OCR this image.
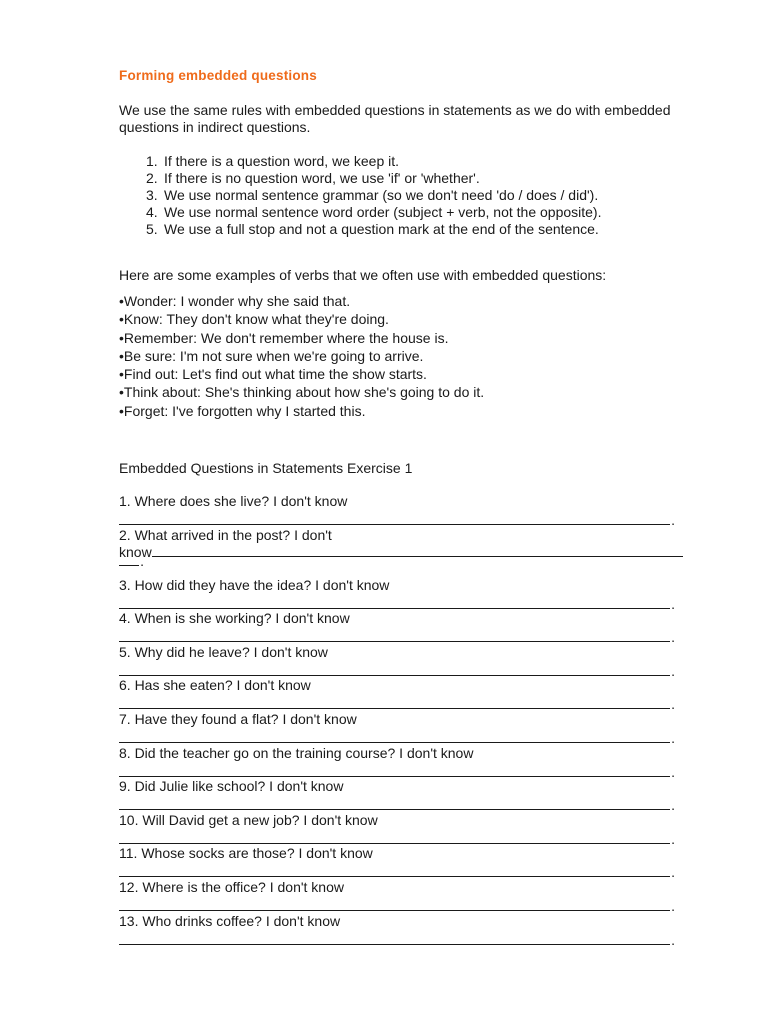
Forming embedded questions
We use the same rules with embedded questions in statements as we do with embedded questions in indirect questions.
1. If there is a question word, we keep it.
2. If there is no question word, we use 'if' or 'whether'.
3. We use normal sentence grammar (so we don't need 'do / does / did').
4. We use normal sentence word order (subject + verb, not the opposite).
5. We use a full stop and not a question mark at the end of the sentence.
Here are some examples of verbs that we often use with embedded questions:
•Wonder: I wonder why she said that.
•Know: They don't know what they're doing.
•Remember: We don't remember where the house is.
•Be sure: I'm not sure when we're going to arrive.
•Find out: Let's find out what time the show starts.
•Think about: She's thinking about how she's going to do it.
•Forget: I've forgotten why I started this.
Embedded Questions in Statements Exercise 1
1. Where does she live? I don't know
.
2. What arrived in the post? I don't
know
.
3. How did they have the idea? I don't know
.
4. When is she working? I don't know
.
5. Why did he leave? I don't know
.
6. Has she eaten? I don't know
.
7. Have they found a flat? I don't know
.
8. Did the teacher go on the training course? I don't know
.
9. Did Julie like school? I don't know
.
10. Will David get a new job? I don't know
.
11. Whose socks are those? I don't know
.
12. Where is the office? I don't know
.
13. Who drinks coffee? I don't know
.
